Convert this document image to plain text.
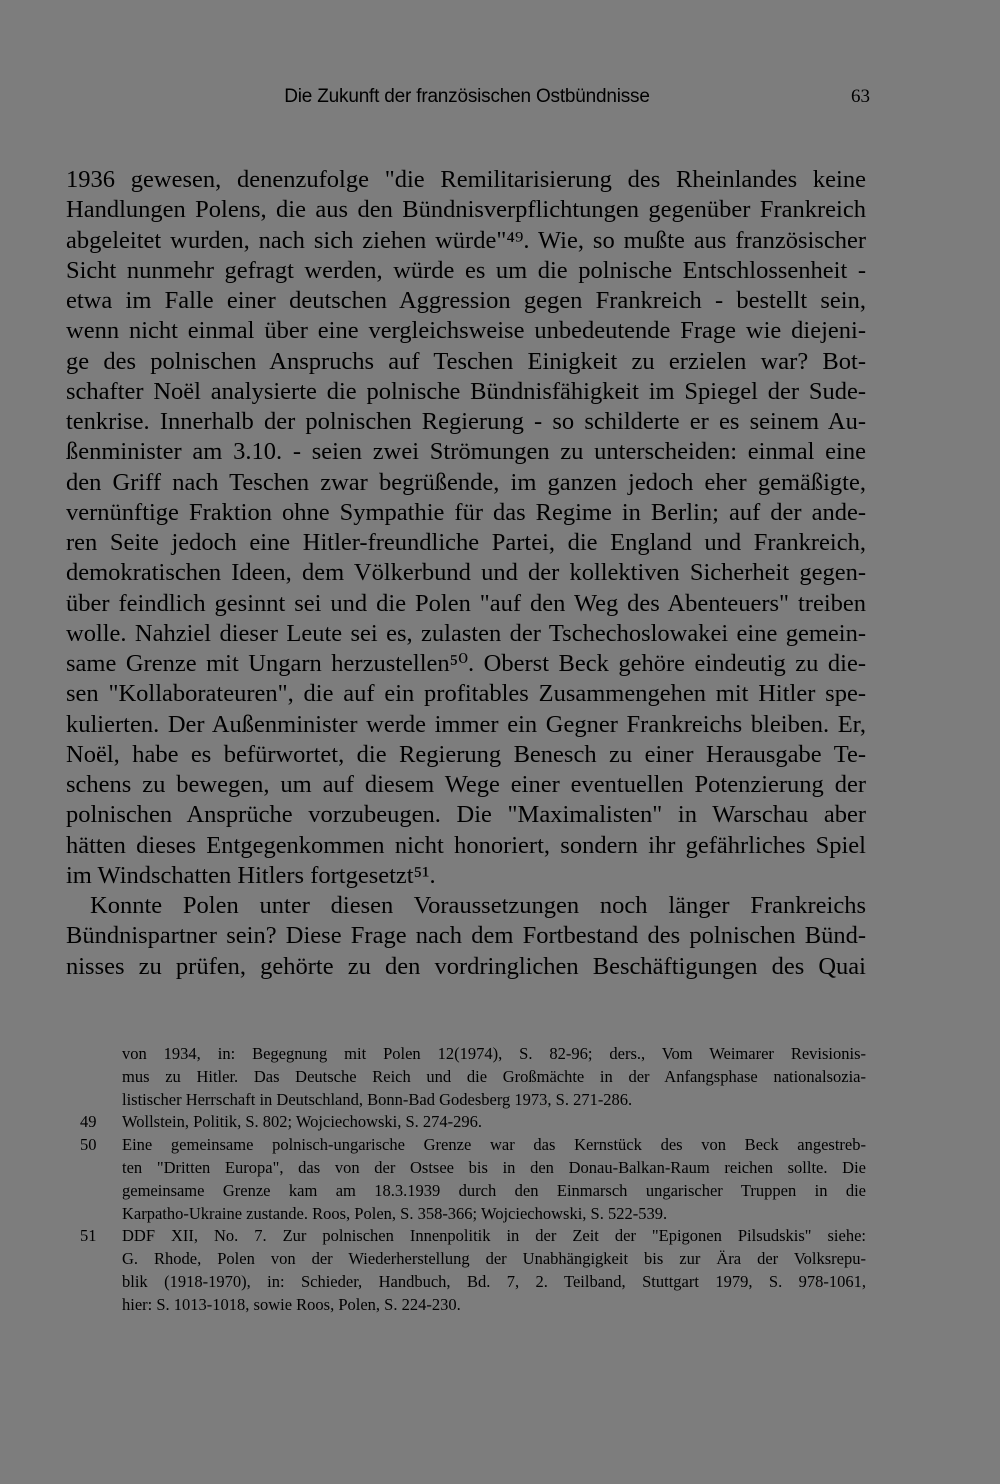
Die Zukunft der französischen Ostbündnisse	63
1936 gewesen, denenzufolge "die Remilitarisierung des Rheinlandes keine
Handlungen Polens, die aus den Bündnisverpflichtungen gegenüber Frankreich
abgeleitet wurden, nach sich ziehen würde"⁴⁹. Wie, so mußte aus französischer
Sicht nunmehr gefragt werden, würde es um die polnische Entschlossenheit -
etwa im Falle einer deutschen Aggression gegen Frankreich - bestellt sein,
wenn nicht einmal über eine vergleichsweise unbedeutende Frage wie diejeni-
ge des polnischen Anspruchs auf Teschen Einigkeit zu erzielen war? Bot-
schafter Noël analysierte die polnische Bündnisfähigkeit im Spiegel der Sude-
tenkrise. Innerhalb der polnischen Regierung - so schilderte er es seinem Au-
ßenminister am 3.10. - seien zwei Strömungen zu unterscheiden: einmal eine
den Griff nach Teschen zwar begrüßende, im ganzen jedoch eher gemäßigte,
vernünftige Fraktion ohne Sympathie für das Regime in Berlin; auf der ande-
ren Seite jedoch eine Hitler-freundliche Partei, die England und Frankreich,
demokratischen Ideen, dem Völkerbund und der kollektiven Sicherheit gegen-
über feindlich gesinnt sei und die Polen "auf den Weg des Abenteuers" treiben
wolle. Nahziel dieser Leute sei es, zulasten der Tschechoslowakei eine gemein-
same Grenze mit Ungarn herzustellen⁵⁰. Oberst Beck gehöre eindeutig zu die-
sen "Kollaborateuren", die auf ein profitables Zusammengehen mit Hitler spe-
kulierten. Der Außenminister werde immer ein Gegner Frankreichs bleiben. Er,
Noël, habe es befürwortet, die Regierung Benesch zu einer Herausgabe Te-
schens zu bewegen, um auf diesem Wege einer eventuellen Potenzierung der
polnischen Ansprüche vorzubeugen. Die "Maximalisten" in Warschau aber
hätten dieses Entgegenkommen nicht honoriert, sondern ihr gefährliches Spiel
im Windschatten Hitlers fortgesetzt⁵¹.
Konnte Polen unter diesen Voraussetzungen noch länger Frankreichs
Bündnispartner sein? Diese Frage nach dem Fortbestand des polnischen Bünd-
nisses zu prüfen, gehörte zu den vordringlichen Beschäftigungen des Quai
von 1934, in: Begegnung mit Polen 12(1974), S. 82-96; ders., Vom Weimarer Revisionis-
mus zu Hitler. Das Deutsche Reich und die Großmächte in der Anfangsphase nationalsozia-
listischer Herrschaft in Deutschland, Bonn-Bad Godesberg 1973, S. 271-286.
49 Wollstein, Politik, S. 802; Wojciechowski, S. 274-296.
50 Eine gemeinsame polnisch-ungarische Grenze war das Kernstück des von Beck angestreb-
ten "Dritten Europa", das von der Ostsee bis in den Donau-Balkan-Raum reichen sollte. Die
gemeinsame Grenze kam am 18.3.1939 durch den Einmarsch ungarischer Truppen in die
Karpatho-Ukraine zustande. Roos, Polen, S. 358-366; Wojciechowski, S. 522-539.
51 DDF XII, No. 7. Zur polnischen Innenpolitik in der Zeit der "Epigonen Pilsudskis" siehe:
G. Rhode, Polen von der Wiederherstellung der Unabhängigkeit bis zur Ära der Volksrepu-
blik (1918-1970), in: Schieder, Handbuch, Bd. 7, 2. Teilband, Stuttgart 1979, S. 978-1061,
hier: S. 1013-1018, sowie Roos, Polen, S. 224-230.
